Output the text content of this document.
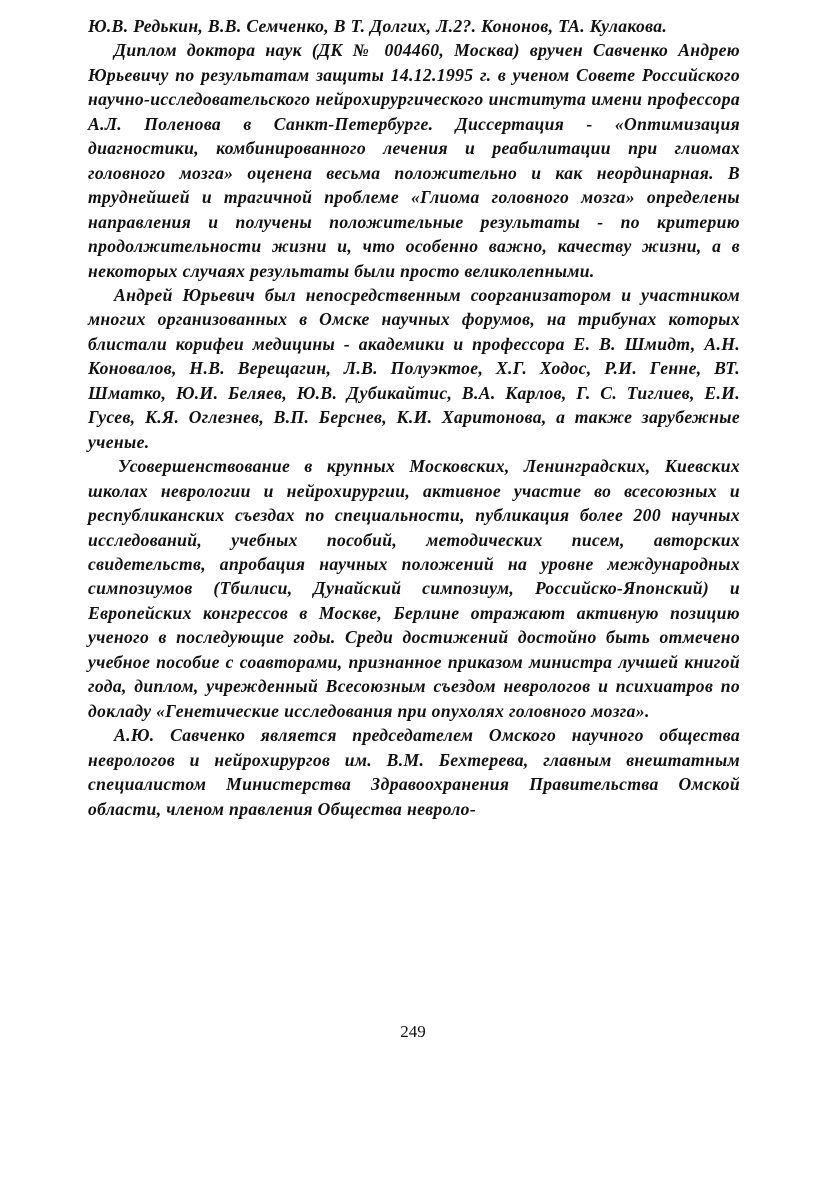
Ю.В. Редькин, В.В. Семченко, В Т. Долгих, Л.2?. Кононов, ТА. Кулакова.

Диплом доктора наук (ДК № 004460, Москва) вручен Савченко Андрею Юрьевичу по результатам защиты 14.12.1995 г. в ученом Совете Российского научно-исследовательского нейрохирургического института имени профессора А.Л. Поленова в Санкт-Петербурге. Диссертация - «Оптимизация диагностики, комбинированного лечения и реабилитации при глиомах головного мозга» оценена весьма положительно и как неординарная. В труднейшей и трагичной проблеме «Глиома головного мозга» определены направления и получены положительные результаты - по критерию продолжительности жизни и, что особенно важно, качеству жизни, а в некоторых случаях результаты были просто великолепными.

Андрей Юрьевич был непосредственным соорганизатором и участником многих организованных в Омске научных форумов, на трибунах которых блистали корифеи медицины - академики и профессора Е. В. Шмидт, А.Н. Коновалов, Н.В. Верещагин, Л.В. Полуэктое, Х.Г. Ходос, Р.И. Генне, ВТ. Шматко, Ю.И. Беляев, Ю.В. Дубикайтис, В.А. Карлов, Г. С. Тиглиев, Е.И. Гусев, К.Я. Оглезнев, В.П. Берснев, К.И. Харитонова, а также зарубежные ученые.

Усовершенствование в крупных Московских, Ленинградских, Киевских школах неврологии и нейрохирургии, активное участие во всесоюзных и республиканских съездах по специальности, публикация более 200 научных исследований, учебных пособий, методических писем, авторских свидетельств, апробация научных положений на уровне международных симпозиумов (Тбилиси, Дунайский симпозиум, Российско-Японский) и Европейских конгрессов в Москве, Берлине отражают активную позицию ученого в последующие годы. Среди достижений достойно быть отмечено учебное пособие с соавторами, признанное приказом министра лучшей книгой года, диплом, учрежденный Всесоюзным съездом неврологов и психиатров по докладу «Генетические исследования при опухолях головного мозга».

А.Ю. Савченко является председателем Омского научного общества неврологов и нейрохирургов им. В.М. Бехтерева, главным внештатным специалистом Министерства Здравоохранения Правительства Омской области, членом правления Общества невроло-

249
